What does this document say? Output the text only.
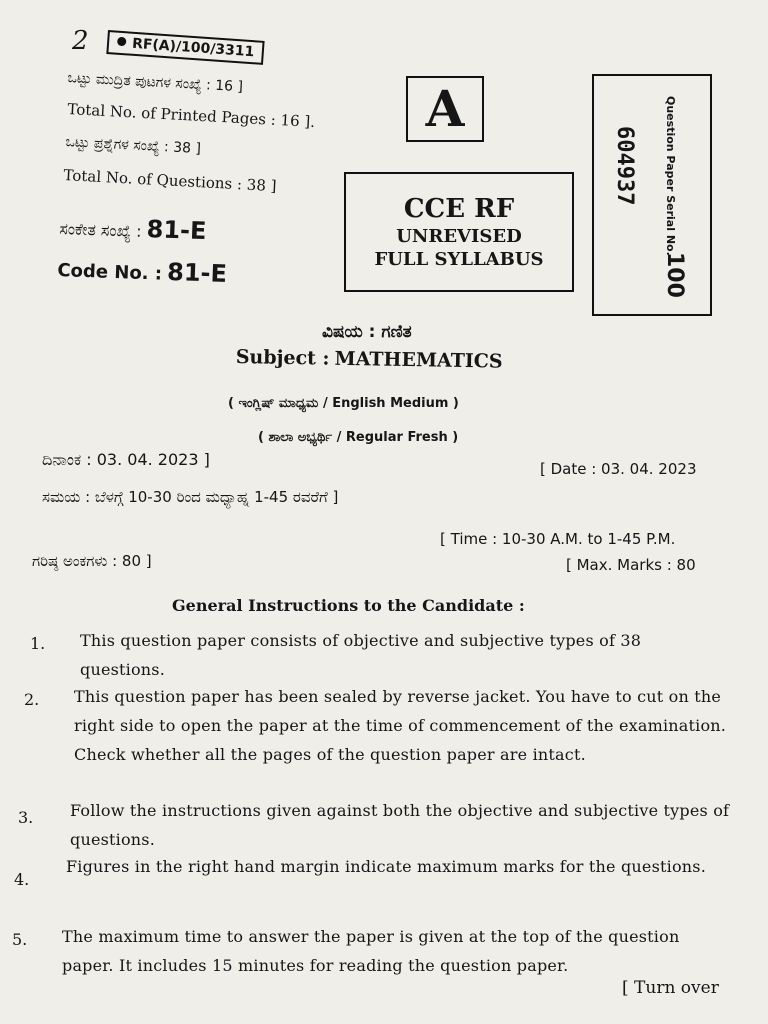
2	RF(A)/100/3311
ಒಟ್ಟು ಮುದ್ರಿತ ಪುಟಗಳ ಸಂಖ್ಯೆ : 16 ]
Total No. of Printed Pages : 16 ].
ಒಟ್ಟು ಪ್ರಶ್ನೆಗಳ ಸಂಖ್ಯೆ : 38 ]
Total No. of Questions : 38 ]
ಸಂಕೇತ ಸಂಖ್ಯೆ : 81-E
Code No. : 81-E
A
CCE RF
UNREVISED
FULL SYLLABUS
Question Paper Serial No.
604937
100
ವಿಷಯ : ಗಣಿತ
Subject : MATHEMATICS
( ಇಂಗ್ಲಿಷ್ ಮಾಧ್ಯಮ / English Medium )
( ಶಾಲಾ ಅಭ್ಯರ್ಥಿ / Regular Fresh )
ದಿನಾಂಕ : 03. 04. 2023 ]	[ Date : 03. 04. 2023
ಸಮಯ : ಬೆಳಗ್ಗೆ 10-30 ರಿಂದ ಮಧ್ಯಾಹ್ನ 1-45 ರವರೆಗೆ ]
[ Time : 10-30 A.M. to 1-45 P.M.
ಗರಿಷ್ಠ ಅಂಕಗಳು : 80 ]	[ Max. Marks : 80
General Instructions to the Candidate :
1. This question paper consists of objective and subjective types of 38 questions.
2. This question paper has been sealed by reverse jacket. You have to cut on the right side to open the paper at the time of commencement of the examination. Check whether all the pages of the question paper are intact.
3. Follow the instructions given against both the objective and subjective types of questions.
4.
Figures in the right hand margin indicate maximum marks for the questions.
5. The maximum time to answer the paper is given at the top of the question paper. It includes 15 minutes for reading the question paper.
[ Turn over
